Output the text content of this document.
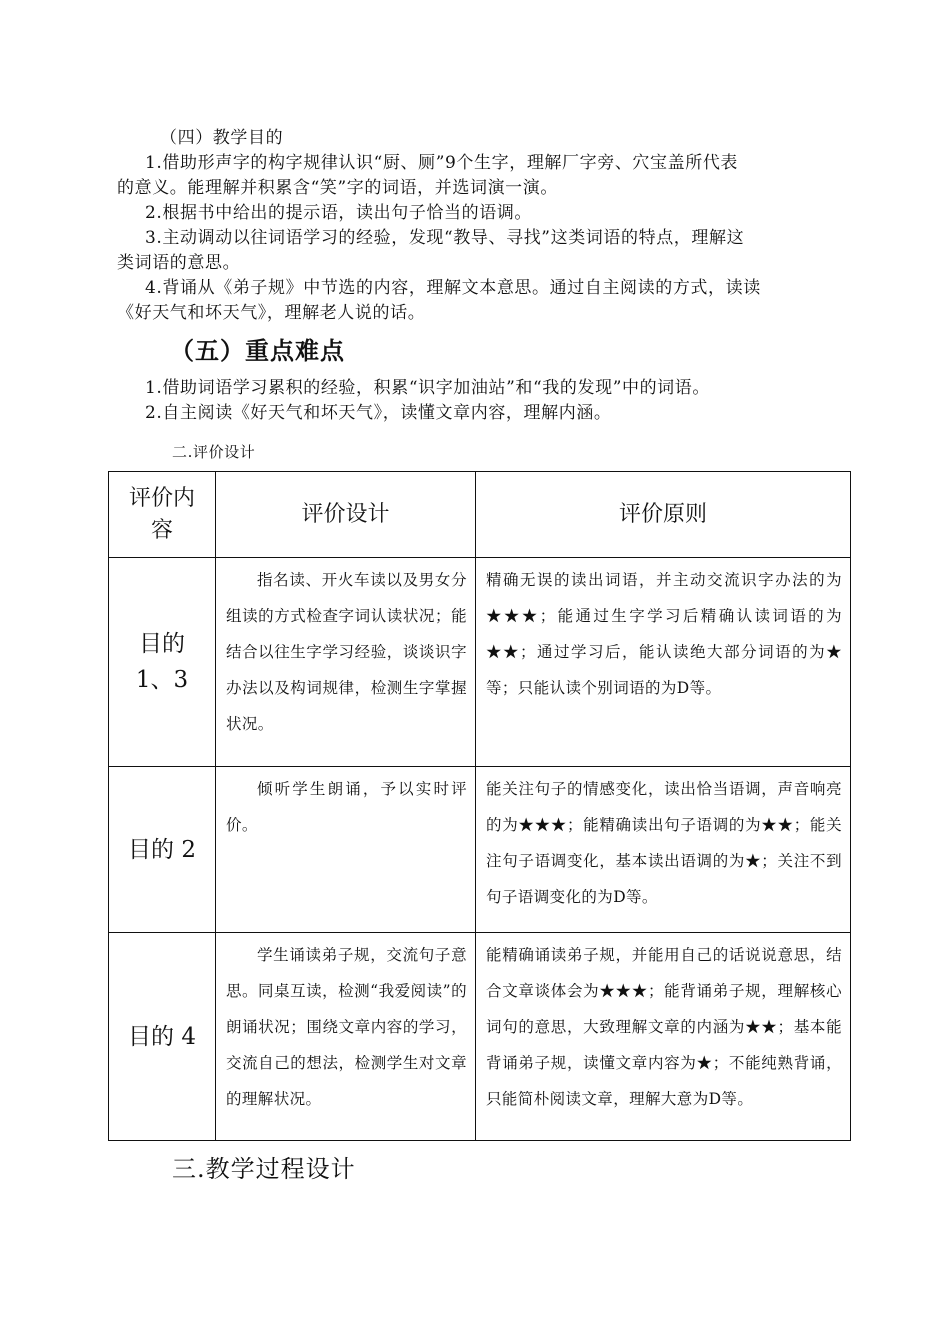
（四）教学目的
1.借助形声字的构字规律认识“厨、厕”9个生字，理解厂字旁、穴宝盖所代表
的意义。能理解并积累含“笑”字的词语，并选词演一演。
2.根据书中给出的提示语，读出句子恰当的语调。
3.主动调动以往词语学习的经验，发现“教导、寻找”这类词语的特点，理解这
类词语的意思。
4.背诵从《弟子规》中节选的内容，理解文本意思。通过自主阅读的方式，读读
《好天气和坏天气》，理解老人说的话。
（五）重点难点
1.借助词语学习累积的经验，积累“识字加油站”和“我的发现”中的词语。
2.自主阅读《好天气和坏天气》，读懂文章内容，理解内涵。
二.评价设计
评价内容	评价设计	评价原则
目的
1、3	指名读、开火车读以及男女分组读的方式检查字词认读状况；能结合以往生字学习经验，谈谈识字办法以及构词规律，检测生字掌握状况。	精确无误的读出词语，并主动交流识字办法的为★★★；能通过生字学习后精确认读词语的为★★；通过学习后，能认读绝大部分词语的为★等；只能认读个别词语的为D等。
目的 2	倾听学生朗诵，予以实时评价。	能关注句子的情感变化，读出恰当语调，声音响亮的为★★★；能精确读出句子语调的为★★；能关注句子语调变化，基本读出语调的为★；关注不到句子语调变化的为D等。
目的 4	学生诵读弟子规，交流句子意思。同桌互读，检测“我爱阅读”的朗诵状况；围绕文章内容的学习，交流自己的想法，检测学生对文章的理解状况。	能精确诵读弟子规，并能用自己的话说说意思，结合文章谈体会为★★★；能背诵弟子规，理解核心词句的意思，大致理解文章的内涵为★★；基本能背诵弟子规，读懂文章内容为★；不能纯熟背诵，只能简朴阅读文章，理解大意为D等。
三.教学过程设计
